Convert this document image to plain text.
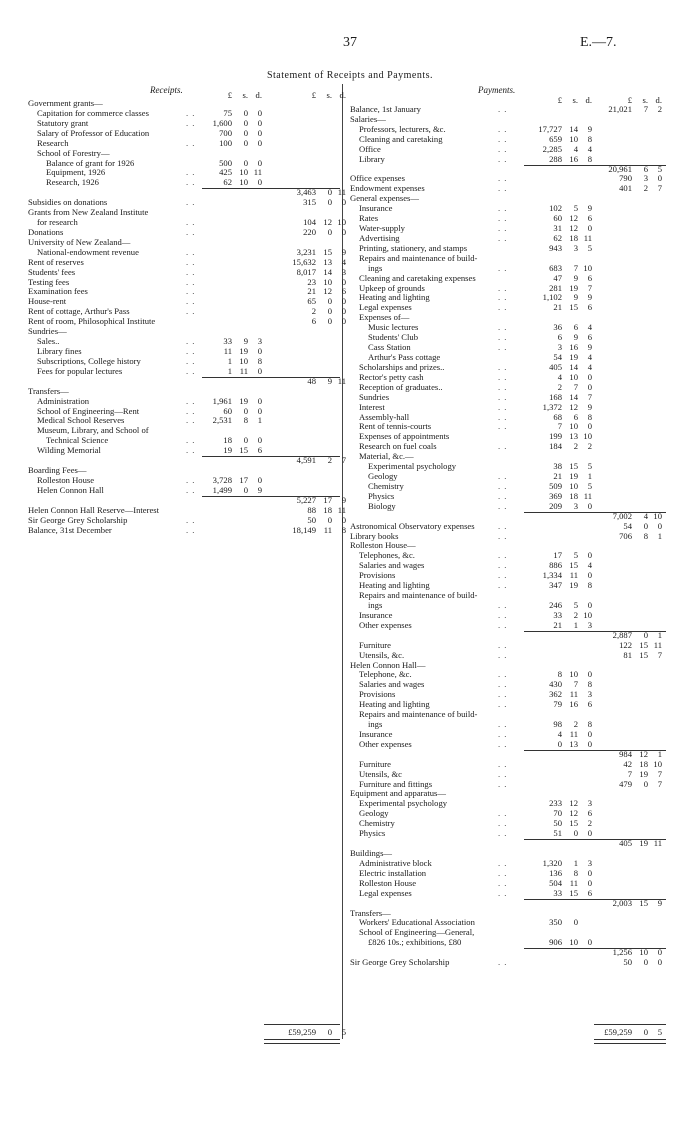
37	E.—7.
Statement of Receipts and Payments.
Receipts.	Payments.
£	s. d.	£	s. d.
Government grants—
Capitation for commerce classes	. .	75	0	0
Statutory grant	. .	1,600	0	0
Salary of Professor of Education	700	0	0
Research	. .	100	0	0
School of Forestry—
Balance of grant for 1926	500	0	0
Equipment, 1926	. .	425 10 11
Research, 1926	. .	62 10	0
3,463	0 11
Subsidies on donations	. .	315	0	0
Grants from New Zealand Institute
for research	. .	104 12 10
Donations	. .	220	0	0
University of New Zealand—
National-endowment revenue	. .	3,231 15	9
Rent of reserves	. .	15,632 13	4
Students' fees	. .	8,017 14	3
Testing fees	. .	23 10	0
Examination fees	. .	21 12	6
House-rent	. .	65	0	0
Rent of cottage, Arthur's Pass	. .	2	0	0
Rent of room, Philosophical Institute	6	0	0
Sundries—
Sales..	. .	33	9	3
Library fines	. .	11 19	0
Subscriptions, College history	. .	1 10	8
Fees for popular lectures	. .	1 11	0
48	9 11
Transfers—
Administration	. .	1,961 19	0
School of Engineering—Rent	. .	60	0	0
Medical School Reserves	. .	2,531	8	1
Museum, Library, and School of
Technical Science	. .	18	0	0
Wilding Memorial	. .	19 15	6
4,591	2	7
Boarding Fees—
Rolleston House	. .	3,728 17	0
Helen Connon Hall	. .	1,499	0	9
5,227 17	9
Helen Connon Hall Reserve—Interest	88 18 11
Sir George Grey Scholarship	. .	50	0	0
Balance, 31st December	. .	18,149 11	8
£59,259	0	5
£	s. d.	£	s. d.
Balance, 1st January	. .	21,021	7	2
Salaries—
Professors, lecturers, &c.	. .	17,727 14	9
Cleaning and caretaking	. .	659 10	8
Office	. .	2,285	4	4
Library	. .	288 16	8
20,961	6	5
Office expenses	. .	790	3	0
Endowment expenses	. .	401	2	7
General expenses—
Insurance	. .	102	5	9
Rates	. .	60 12	6
Water-supply	. .	31 12	0
Advertising	. .	62 18 11
Printing, stationery, and stamps	943	3	5
Repairs and maintenance of build-
ings	. .	683	7 10
Cleaning and caretaking expenses	47	9	6
Upkeep of grounds	. .	281 19	7
Heating and lighting	. .	1,102	9	9
Legal expenses	. .	21 15	6
Expenses of—
Music lectures	. .	36	6	4
Students' Club	. .	6	9	6
Cass Station	. .	3 16	9
Arthur's Pass cottage	54 19	4
Scholarships and prizes..	. .	405 14	4
Rector's petty cash	. .	4 10	0
Reception of graduates..	. .	2	7	0
Sundries	. .	168 14	7
Interest	. .	1,372 12	9
Assembly-hall	. .	68	6	8
Rent of tennis-courts	. .	7 10	0
Expenses of appointments	199 13 10
Research on fuel coals	. .	184	2	2
Material, &c.—
Experimental psychology	38 15	5
Geology	. .	21 19	1
Chemistry	. .	509 10	5
Physics	. .	369 18 11
Biology	. .	209	3	0
7,002	4 10
Astronomical Observatory expenses	. .	54	0	0
Library books	. .	706	8	1
Rolleston House—
Telephones, &c.	. .	17	5	0
Salaries and wages	. .	886 15	4
Provisions	. .	1,334 11	0
Heating and lighting	. .	347 19	8
Repairs and maintenance of build-
ings	. .	246	5	0
Insurance	. .	33	2 10
Other expenses	. .	21	1	3
2,887	0	1
Furniture	. .	122 15 11
Utensils, &c.	. .	81 15	7
Helen Connon Hall—
Telephone, &c.	. .	8 10	0
Salaries and wages	. .	430	7	8
Provisions	. .	362 11	3
Heating and lighting	. .	79 16	6
Repairs and maintenance of build-
ings	. .	98	2	8
Insurance	. .	4 11	0
Other expenses	. .	0 13	0
984 12	1
Furniture	. .	42 18 10
Utensils, &c	. .	7 19	7
Furniture and fittings	. .	479	0	7
Equipment and apparatus—
Experimental psychology	233 12	3
Geology	. .	70 12	6
Chemistry	. .	50 15	2
Physics	. .	51	0	0
405 19 11
Buildings—
Administrative block	. .	1,320	1	3
Electric installation	. .	136	8	0
Rolleston House	. .	504 11	0
Legal expenses	. .	33 15	6
2,003 15	9
Transfers—
Workers' Educational Association	350	0
School of Engineering—General,
£826 10s.; exhibitions, £80	906 10	0
1,256 10	0
Sir George Grey Scholarship	. .	50	0	0
£59,259	0	5
